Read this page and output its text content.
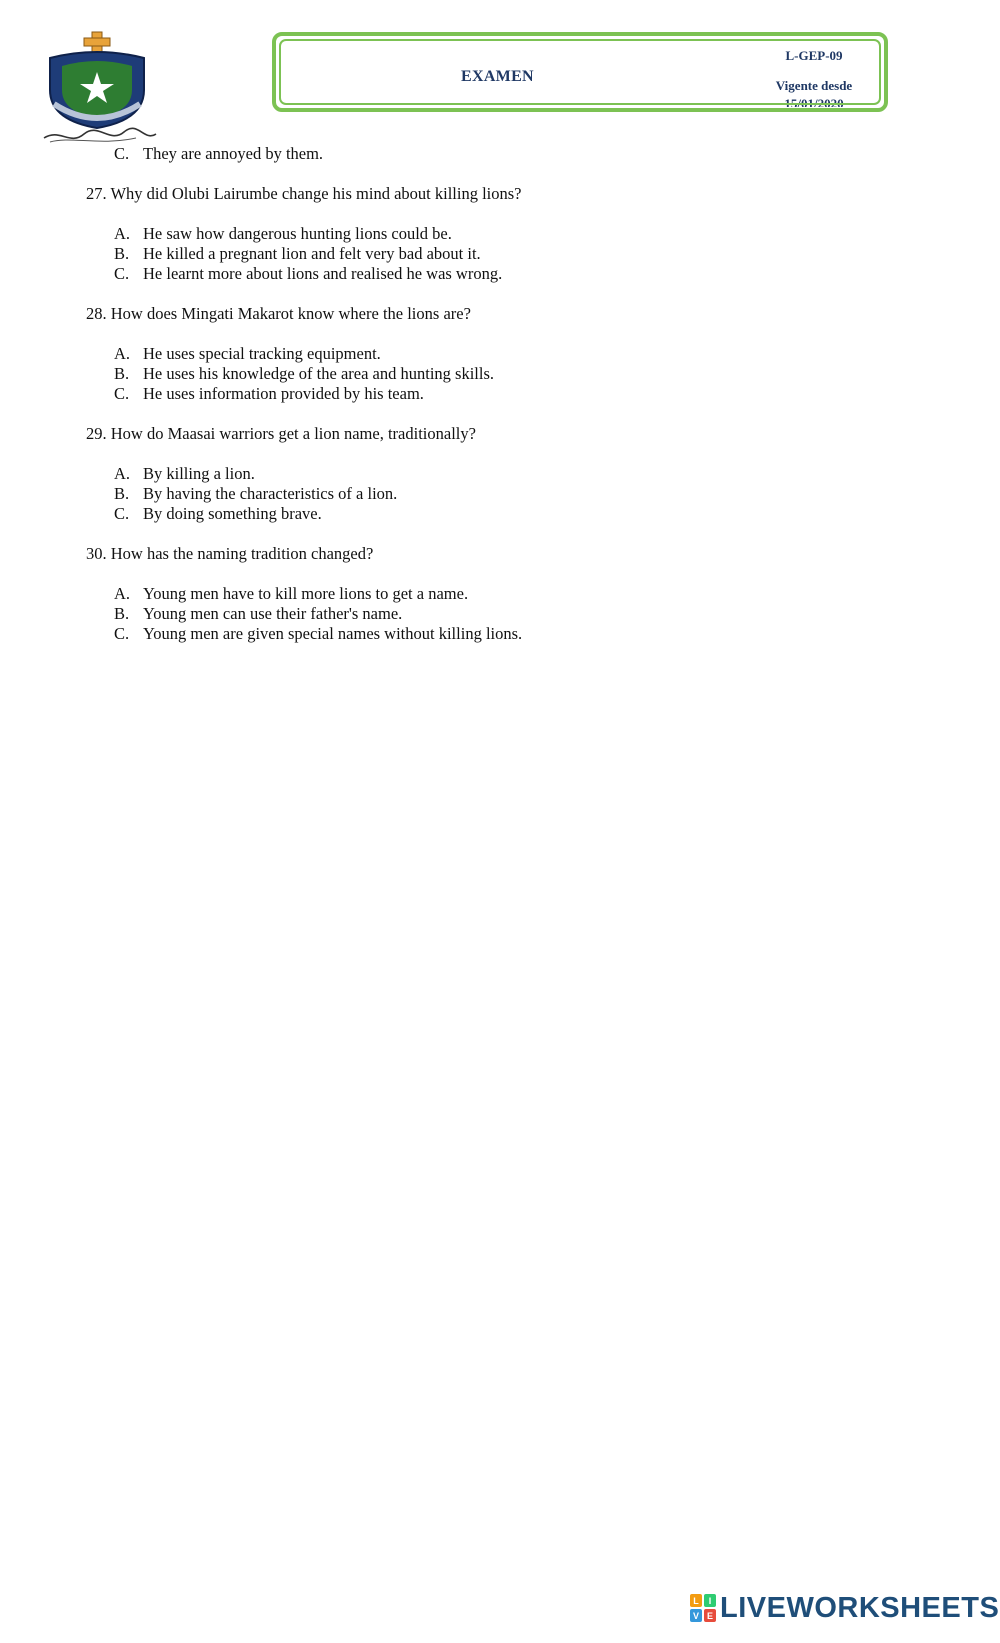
EXAMEN
L-GEP-09
Vigente desde
15/01/2020
C. They are annoyed by them.
27. Why did Olubi Lairumbe change his mind about killing lions?
A. He saw how dangerous hunting lions could be.
B. He killed a pregnant lion and felt very bad about it.
C. He learnt more about lions and realised he was wrong.
28. How does Mingati Makarot know where the lions are?
A. He uses special tracking equipment.
B. He uses his knowledge of the area and hunting skills.
C. He uses information provided by his team.
29. How do Maasai warriors get a lion name, traditionally?
A. By killing a lion.
B. By having the characteristics of a lion.
C. By doing something brave.
30. How has the naming tradition changed?
A. Young men have to kill more lions to get a name.
B. Young men can use their father's name.
C. Young men are given special names without killing lions.
L	I
V E LIVEWORKSHEETS
